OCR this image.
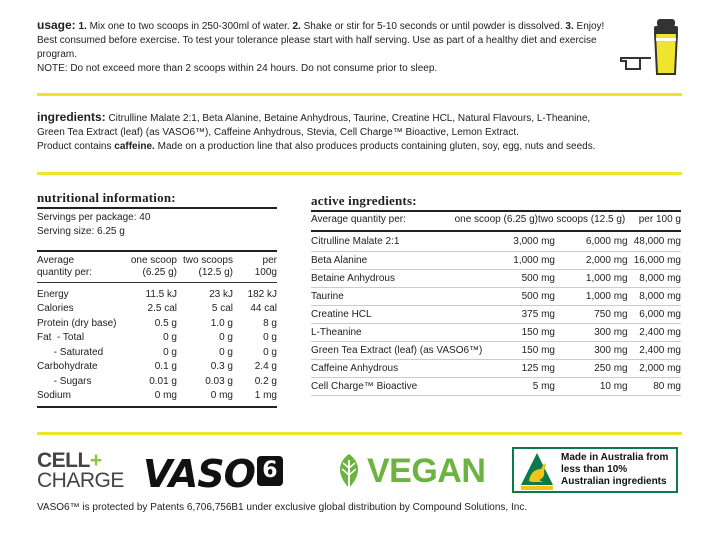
usage: 1. Mix one to two scoops in 250-300ml of water. 2. Shake or stir for 5-10 seconds or until powder is dissolved. 3. Enjoy!
Best consumed before exercise. To test your tolerance please start with half serving. Use as part of a healthy diet and exercise program.
NOTE: Do not exceed more than 2 scoops within 24 hours. Do not consume prior to sleep.
ingredients: Citrulline Malate 2:1, Beta Alanine, Betaine Anhydrous, Taurine, Creatine HCL, Natural Flavours, L-Theanine,
Green Tea Extract (leaf) (as VASO6™), Caffeine Anhydrous, Stevia, Cell Charge™ Bioactive, Lemon Extract.
Product contains caffeine. Made on a production line that also produces products containing gluten, soy, egg, nuts and seeds.
nutritional information:
Servings per package: 40
Serving size: 6.25 g
Average
quantity per:

one scoop
(6.25 g)

two scoops
(12.5 g)

per
100g
Energy	11.5 kJ	23 kJ	182 kJ
Calories	2.5 cal	5 cal	44 cal
Protein (dry base)	0.5 g	1.0 g	8 g
Fat  - Total	0 g	0 g	0 g
- Saturated	0 g	0 g	0 g
Carbohydrate	0.1 g	0.3 g	2.4 g
- Sugars	0.01 g	0.03 g	0.2 g
Sodium	0 mg	0 mg	1 mg
active ingredients:
Average quantity per:	one scoop (6.25 g)	two scoops (12.5 g)	per 100 g
Citrulline Malate 2:1	3,000 mg	6,000 mg	48,000 mg
Beta Alanine	1,000 mg	2,000 mg	16,000 mg
Betaine Anhydrous	500 mg	1,000 mg	8,000 mg
Taurine	500 mg	1,000 mg	8,000 mg
Creatine HCL	375 mg	750 mg	6,000 mg
L-Theanine	150 mg	300 mg	2,400 mg
Green Tea Extract (leaf) (as VASO6™)	150 mg	300 mg	2,400 mg
Caffeine Anhydrous	125 mg	250 mg	2,000 mg
Cell Charge™ Bioactive	5 mg	10 mg	80 mg
CELL+
CHARGE VASO 6	VEGAN	Made in Australia from less than 10% Australian ingredients
VASO6™ is protected by Patents 6,706,756B1 under exclusive global distribution by Compound Solutions, Inc.
